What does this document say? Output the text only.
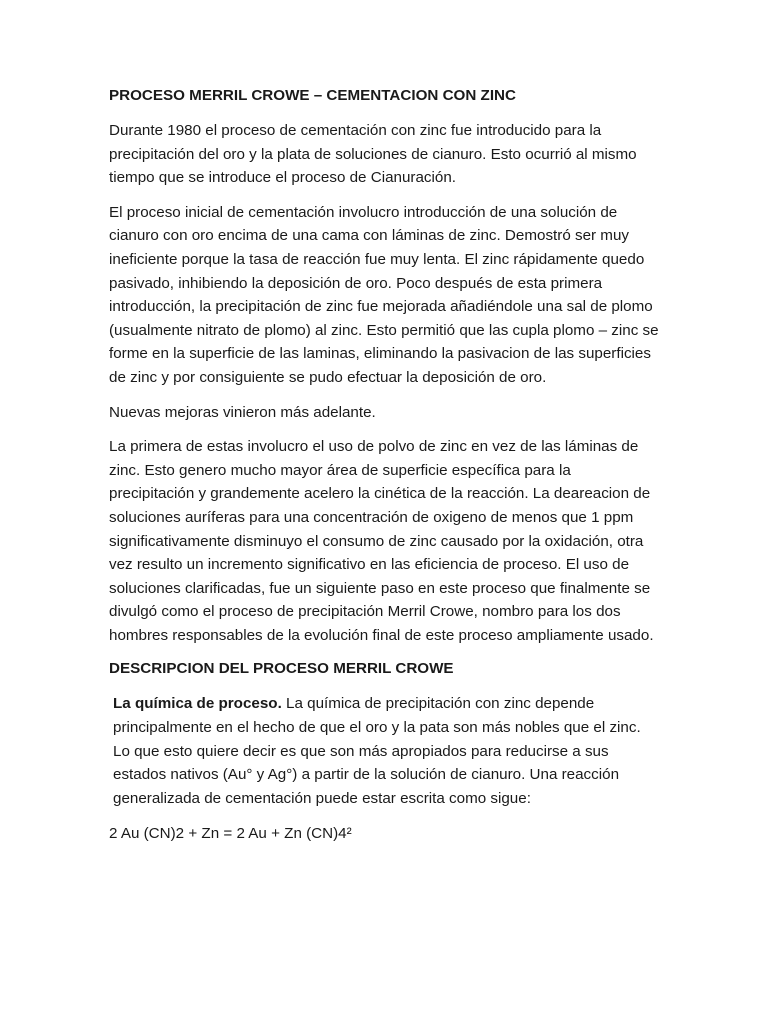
PROCESO MERRIL CROWE – CEMENTACION CON ZINC

Durante 1980 el proceso de cementación con zinc fue introducido para la precipitación del oro y la plata de soluciones de cianuro. Esto ocurrió al mismo tiempo que se introduce el proceso de Cianuración.

El proceso inicial de cementación involucro introducción de una solución de cianuro con oro encima de una cama con láminas de zinc. Demostró ser muy ineficiente porque la tasa de reacción fue muy lenta. El zinc rápidamente quedo pasivado, inhibiendo la deposición de oro. Poco después de esta primera introducción, la precipitación de zinc fue mejorada añadiéndole una sal de plomo (usualmente nitrato de plomo) al zinc. Esto permitió que las cupla plomo – zinc se forme en la superficie de las laminas, eliminando la pasivacion de las superficies de zinc y por consiguiente se pudo efectuar la deposición de oro.

Nuevas mejoras vinieron más adelante.

La primera de estas involucro el uso de polvo de zinc en vez de las láminas de zinc. Esto genero mucho mayor área de superficie específica para la precipitación y grandemente acelero la cinética de la reacción. La deareacion de soluciones auríferas para una concentración de oxigeno de menos que 1 ppm significativamente disminuyo el consumo de zinc causado por la oxidación, otra vez resulto un incremento significativo en las eficiencia de proceso. El uso de soluciones clarificadas, fue un siguiente paso en este proceso que finalmente se divulgó como el proceso de precipitación Merril Crowe, nombro para los dos hombres responsables de la evolución final de este proceso ampliamente usado.

DESCRIPCION DEL PROCESO MERRIL CROWE

La química de proceso. La química de precipitación con zinc depende principalmente en el hecho de que el oro y la pata son más nobles que el zinc. Lo que esto quiere decir es que son más apropiados para reducirse a sus estados nativos (Au° y Ag°) a partir de la solución de cianuro. Una reacción generalizada de cementación puede estar escrita como sigue:

2 Au (CN)2 + Zn = 2 Au + Zn (CN)4²
